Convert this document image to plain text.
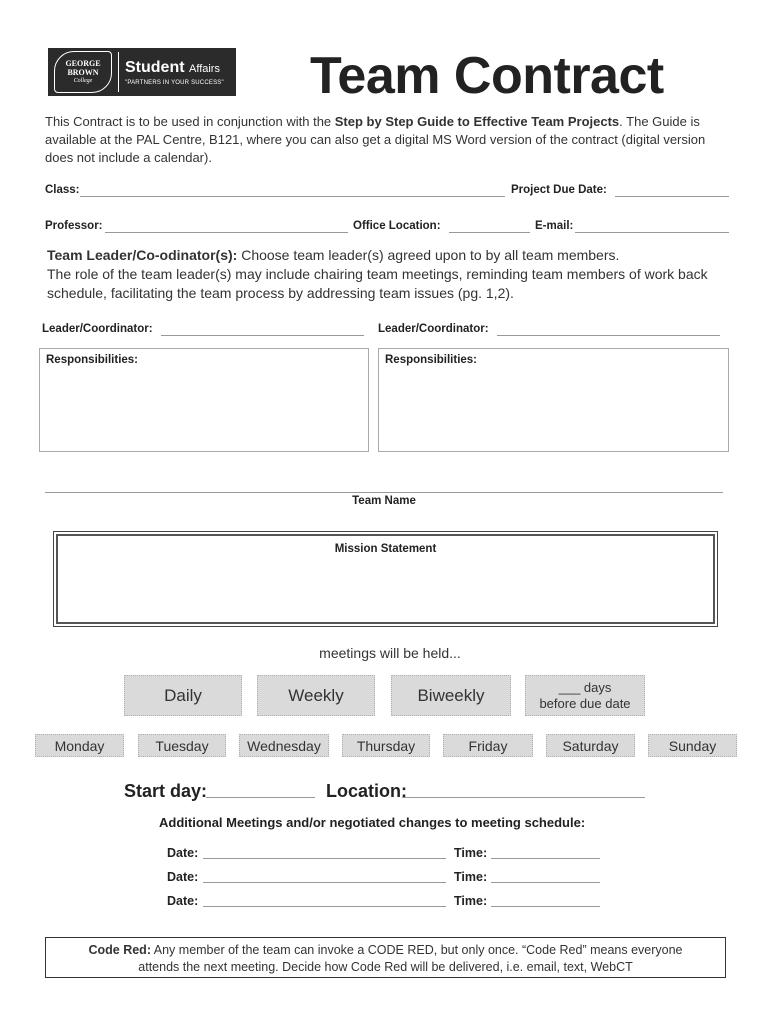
GEORGE
BROWN
College
Student Affairs
"PARTNERS IN YOUR SUCCESS" Team Contract
This Contract is to be used in conjunction with the Step by Step Guide to Effective Team Projects. The Guide is available at the PAL Centre, B121, where you can also get a digital MS Word version of the contract (digital version does not include a calendar).
Class:	Project Due Date:
Professor:	Office Location:	E-mail:
Team Leader/Co-odinator(s): Choose team leader(s) agreed upon to by all team members.
The role of the team leader(s) may include chairing team meetings, reminding team members of work back schedule, facilitating the team process by addressing team issues (pg. 1,2).
Leader/Coordinator:	Leader/Coordinator:
Responsibilities:	Responsibilities:
Team Name
Mission Statement
meetings will be held...
Daily	Weekly	Biweekly	___ days
before due date
Monday	Tuesday	Wednesday	Thursday	Friday	Saturday	Sunday
Start day:	Location:
Additional Meetings and/or negotiated changes to meeting schedule:
Date:	Time:
Date:	Time:
Date:	Time:
Code Red: Any member of the team can invoke a CODE RED, but only once. “Code Red” means everyone
attends the next meeting. Decide how Code Red will be delivered, i.e. email, text, WebCT
